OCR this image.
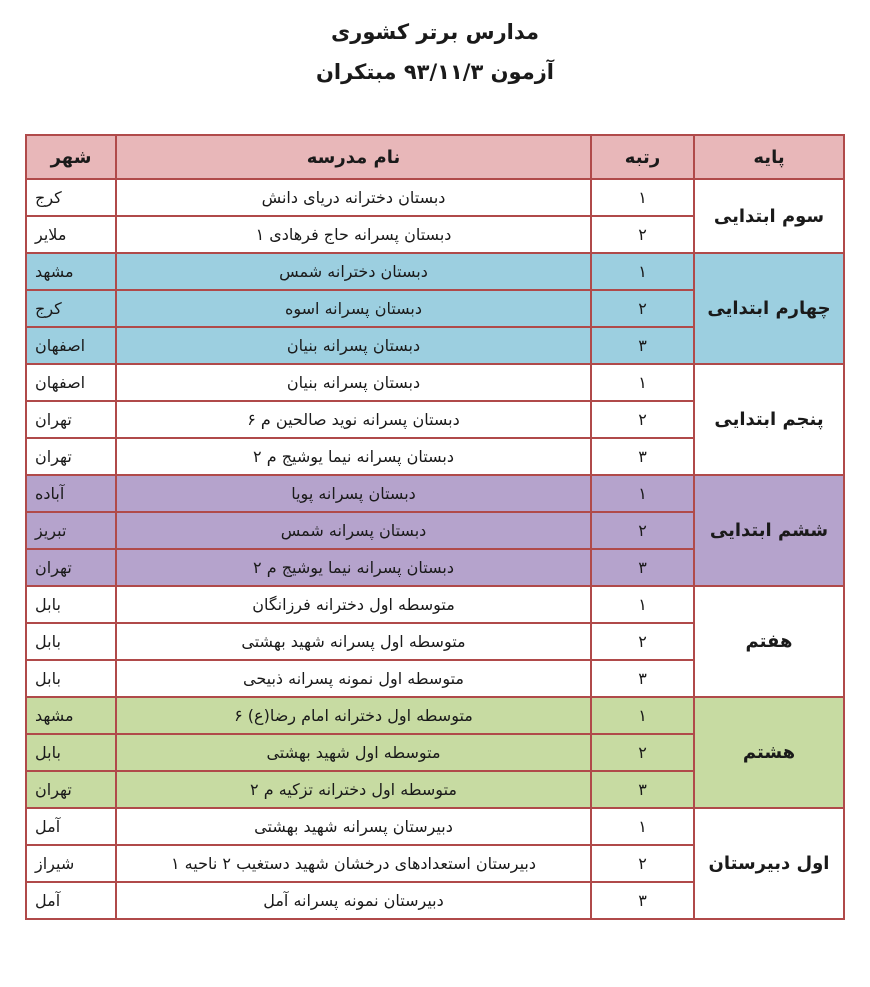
مدارس برتر کشوری
آزمون ۹۳/۱۱/۳ مبتکران
پایه	رتبه	نام مدرسه	شهر
سوم ابتدایی	۱	دبستان دخترانه دریای دانش	کرج
	۲	دبستان پسرانه حاج فرهادی ۱	ملایر
چهارم ابتدایی	۱	دبستان دخترانه شمس	مشهد
	۲	دبستان پسرانه اسوه	کرج
	۳	دبستان پسرانه بنیان	اصفهان
پنجم ابتدایی	۱	دبستان پسرانه بنیان	اصفهان
	۲	دبستان پسرانه نوید صالحین م ۶	تهران
	۳	دبستان پسرانه نیما یوشیج م ۲	تهران
ششم ابتدایی	۱	دبستان پسرانه پویا	آباده
	۲	دبستان پسرانه شمس	تبریز
	۳	دبستان پسرانه نیما یوشیج م ۲	تهران
هفتم	۱	متوسطه اول دخترانه فرزانگان	بابل
	۲	متوسطه اول پسرانه شهید بهشتی	بابل
	۳	متوسطه اول نمونه پسرانه ذبیحی	بابل
هشتم	۱	متوسطه اول دخترانه امام رضا(ع) ۶	مشهد
	۲	متوسطه اول شهید بهشتی	بابل
	۳	متوسطه اول دخترانه تزکیه م ۲	تهران
اول دبیرستان	۱	دبیرستان پسرانه شهید بهشتی	آمل
	۲	دبیرستان استعدادهای درخشان شهید دستغیب ۲ ناحیه ۱	شیراز
	۳	دبیرستان نمونه پسرانه آمل	آمل
